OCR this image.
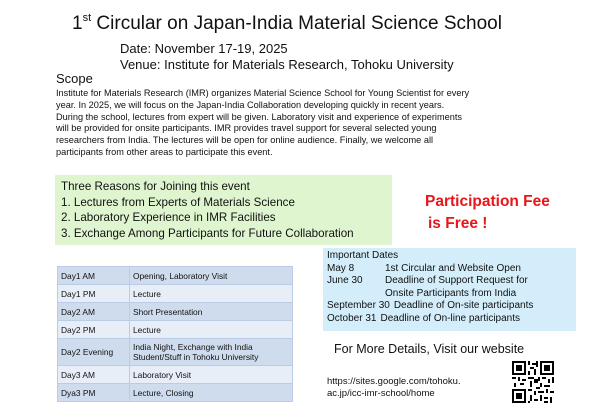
1st Circular on Japan-India Material Science School
Date: November 17-19, 2025
Venue: Institute for Materials Research, Tohoku University
Scope
Institute for Materials Research (IMR) organizes Material Science School for Young Scientist for every
year. In 2025, we will focus on the Japan-India Collaboration developing quickly in recent years.
During the school, lectures from expert will be given. Laboratory visit and experience of experiments
will be provided for onsite participants. IMR provides travel support for several selected young
researchers from India. The lectures will be open for online audience. Finally, we welcome all
participants from other areas to participate this event.
Three Reasons for Joining this event
1. Lectures from Experts of Materials Science
2. Laboratory Experience in IMR Facilities
3. Exchange Among Participants for Future Collaboration
Participation Fee
is Free !
Important Dates
May 8	1st Circular and Website Open
June 30	Deadline of Support Request for
Onsite Participants from India
September 30 Deadline of On-site participants
October 31 Deadline of On-line participants
Day1 AM	Opening, Laboratory Visit
Day1 PM	Lecture
Day2 AM	Short Presentation
Day2 PM	Lecture
Day2 Evening	India Night, Exchange with India Student/Stuff in Tohoku University
Day3 AM	Laboratory Visit
Dya3 PM	Lecture, Closing
For More Details, Visit our website
https://sites.google.com/tohoku.
ac.jp/icc-imr-school/home
